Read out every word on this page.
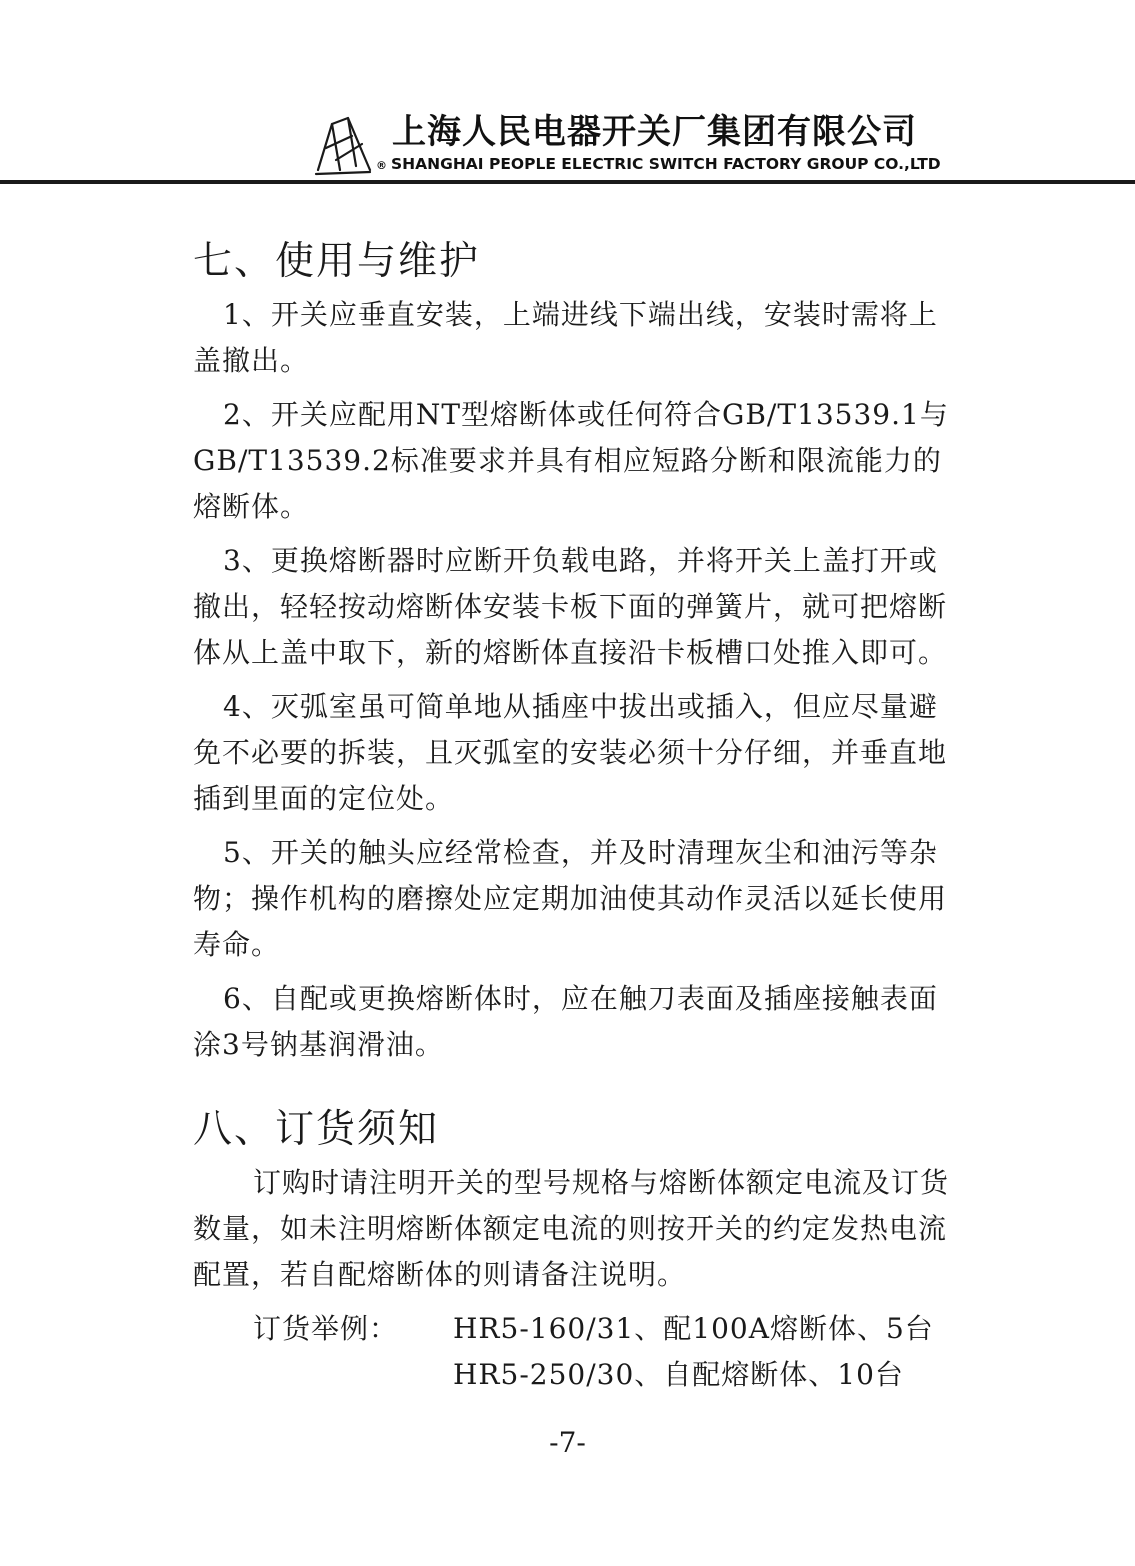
上海人民电器开关厂集团有限公司
® SHANGHAI PEOPLE ELECTRIC SWITCH FACTORY GROUP CO.,LTD
七、使用与维护

1、开关应垂直安装，上端进线下端出线，安装时需将上盖撤出。

2、开关应配用NT型熔断体或任何符合GB/T13539.1与GB/T13539.2标准要求并具有相应短路分断和限流能力的熔断体。

3、更换熔断器时应断开负载电路，并将开关上盖打开或撤出，轻轻按动熔断体安装卡板下面的弹簧片，就可把熔断体从上盖中取下，新的熔断体直接沿卡板槽口处推入即可。

4、灭弧室虽可简单地从插座中拔出或插入，但应尽量避免不必要的拆装，且灭弧室的安装必须十分仔细，并垂直地插到里面的定位处。

5、开关的触头应经常检查，并及时清理灰尘和油污等杂物；操作机构的磨擦处应定期加油使其动作灵活以延长使用寿命。

6、自配或更换熔断体时，应在触刀表面及插座接触表面涂3号钠基润滑油。

八、订货须知

订购时请注明开关的型号规格与熔断体额定电流及订货数量，如未注明熔断体额定电流的则按开关的约定发热电流配置，若自配熔断体的则请备注说明。

订货举例： HR5-160/31、配100A熔断体、5台
HR5-250/30、自配熔断体、10台
-7-
